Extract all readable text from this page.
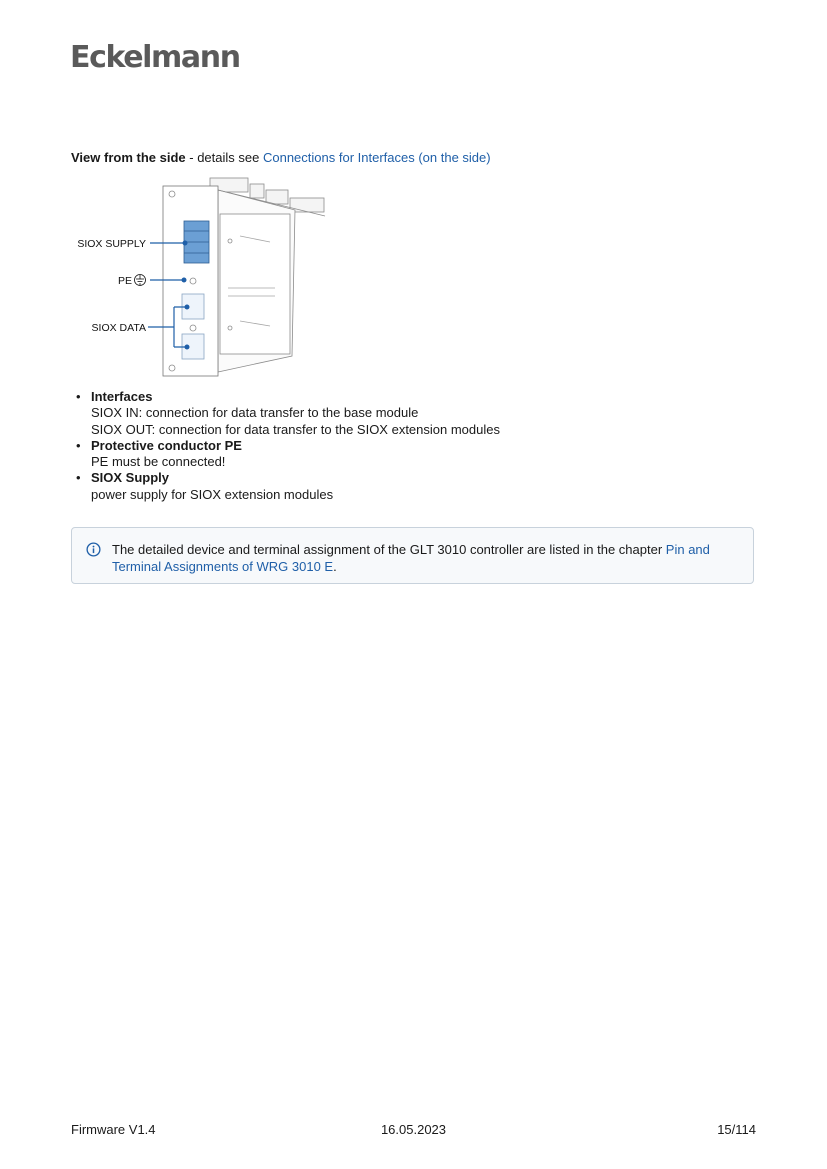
Eckelmann
View from the side - details see Connections for Interfaces (on the side)
SIOX SUPPLY
PE
SIOX DATA
• Interfaces
SIOX IN: connection for data transfer to the base module
SIOX OUT: connection for data transfer to the SIOX extension modules
• Protective conductor PE
PE must be connected!
• SIOX Supply
power supply for SIOX extension modules
The detailed device and terminal assignment of the GLT 3010 controller are listed in the chapter Pin and Terminal Assignments of WRG 3010 E.
Firmware V1.4	16.05.2023	15/114
